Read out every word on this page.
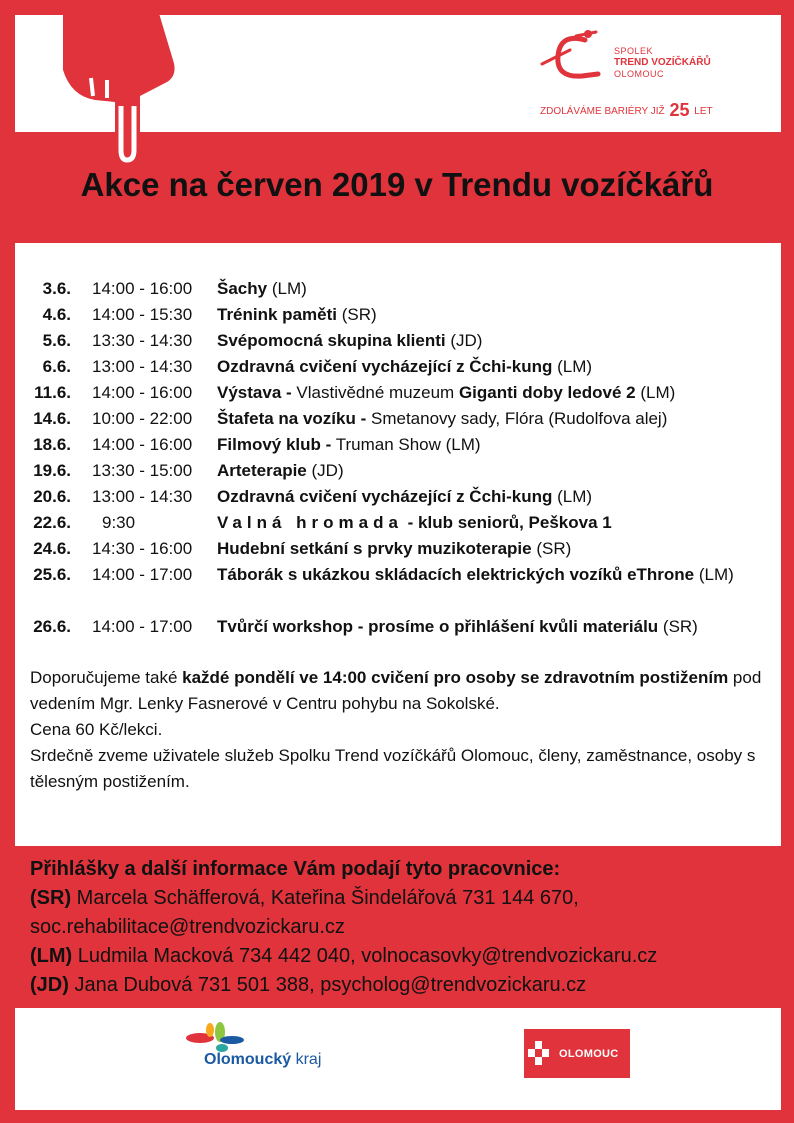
SPOLEK
TREND VOZÍČKÁŘŮ
OLOMOUC
ZDOLÁVÁME BARIÉRY JIŽ 25 LET
Akce na červen 2019 v Trendu vozíčkářů
3.6. 14:00 - 16:00 Šachy (LM)
4.6. 14:00 - 15:30 Trénink paměti (SR)
5.6. 13:30 - 14:30 Svépomocná skupina klienti (JD)
6.6. 13:00 - 14:30 Ozdravná cvičení vycházející z Čchi-kung (LM)
11.6. 14:00 - 16:00 Výstava - Vlastivědné muzeum Giganti doby ledové 2 (LM)
14.6. 10:00 - 22:00 Štafeta na vozíku - Smetanovy sady, Flóra (Rudolfova alej)
18.6. 14:00 - 16:00 Filmový klub - Truman Show (LM)
19.6. 13:30 - 15:00 Arteterapie (JD)
20.6. 13:00 - 14:30 Ozdravná cvičení vycházející z Čchi-kung (LM)
22.6. 9:30	Valná hromada - klub seniorů, Peškova 1
24.6. 14:30 - 16:00 Hudební setkání s prvky muzikoterapie (SR)
25.6. 14:00 - 17:00 Táborák s ukázkou skládacích elektrických vozíků eThrone (LM)
26.6. 14:00 - 17:00 Tvůrčí workshop - prosíme o přihlášení kvůli materiálu (SR)

Doporučujeme také každé pondělí ve 14:00 cvičení pro osoby se zdravotním postižením pod vedením Mgr. Lenky Fasnerové v Centru pohybu na Sokolské.

Cena 60 Kč/lekci.

Srdečně zveme uživatele služeb Spolku Trend vozíčkářů Olomouc, členy, zaměstnance, osoby s tělesným postižením.

Přihlášky a další informace Vám podají tyto pracovnice:

(SR) Marcela Schäfferová, Kateřina Šindelářová 731 144 670, soc.rehabilitace@trendvozickaru.cz

(LM) Ludmila Macková 734 442 040, volnocasovky@trendvozickaru.cz

(JD) Jana Dubová 731 501 388, psycholog@trendvozickaru.cz

Olomoucký kraj	OLOMOUC
